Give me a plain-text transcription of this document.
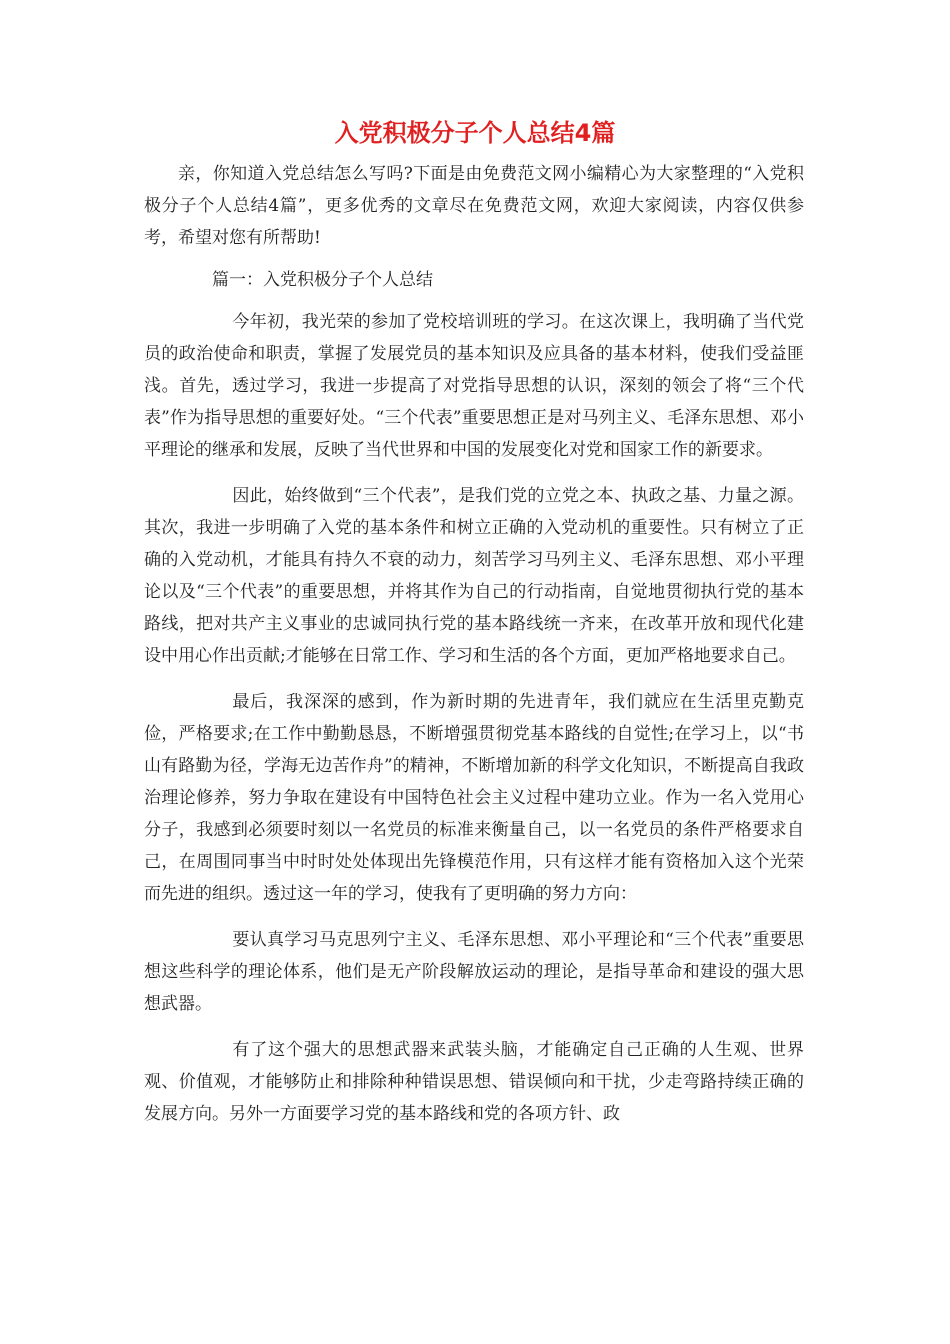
入党积极分子个人总结4篇

亲，你知道入党总结怎么写吗?下面是由免费范文网小编精心为大家整理的“入党积极分子个人总结4篇”，更多优秀的文章尽在免费范文网，欢迎大家阅读，内容仅供参考，希望对您有所帮助!

篇一：入党积极分子个人总结

今年初，我光荣的参加了党校培训班的学习。在这次课上，我明确了当代党员的政治使命和职责，掌握了发展党员的基本知识及应具备的基本材料，使我们受益匪浅。首先，透过学习，我进一步提高了对党指导思想的认识，深刻的领会了将“三个代表”作为指导思想的重要好处。“三个代表”重要思想正是对马列主义、毛泽东思想、邓小平理论的继承和发展，反映了当代世界和中国的发展变化对党和国家工作的新要求。

因此，始终做到“三个代表”，是我们党的立党之本、执政之基、力量之源。其次，我进一步明确了入党的基本条件和树立正确的入党动机的重要性。只有树立了正确的入党动机，才能具有持久不衰的动力，刻苦学习马列主义、毛泽东思想、邓小平理论以及“三个代表”的重要思想，并将其作为自己的行动指南，自觉地贯彻执行党的基本路线，把对共产主义事业的忠诚同执行党的基本路线统一齐来，在改革开放和现代化建设中用心作出贡献;才能够在日常工作、学习和生活的各个方面，更加严格地要求自己。

最后，我深深的感到，作为新时期的先进青年，我们就应在生活里克勤克俭，严格要求;在工作中勤勤恳恳，不断增强贯彻党基本路线的自觉性;在学习上，以“书山有路勤为径，学海无边苦作舟”的精神，不断增加新的科学文化知识，不断提高自我政治理论修养，努力争取在建设有中国特色社会主义过程中建功立业。作为一名入党用心分子，我感到必须要时刻以一名党员的标准来衡量自己，以一名党员的条件严格要求自己，在周围同事当中时时处处体现出先锋模范作用，只有这样才能有资格加入这个光荣而先进的组织。透过这一年的学习，使我有了更明确的努力方向：

要认真学习马克思列宁主义、毛泽东思想、邓小平理论和“三个代表”重要思想这些科学的理论体系，他们是无产阶段解放运动的理论，是指导革命和建设的强大思想武器。

有了这个强大的思想武器来武装头脑，才能确定自己正确的人生观、世界观、价值观，才能够防止和排除种种错误思想、错误倾向和干扰，少走弯路持续正确的发展方向。另外一方面要学习党的基本路线和党的各项方针、政
